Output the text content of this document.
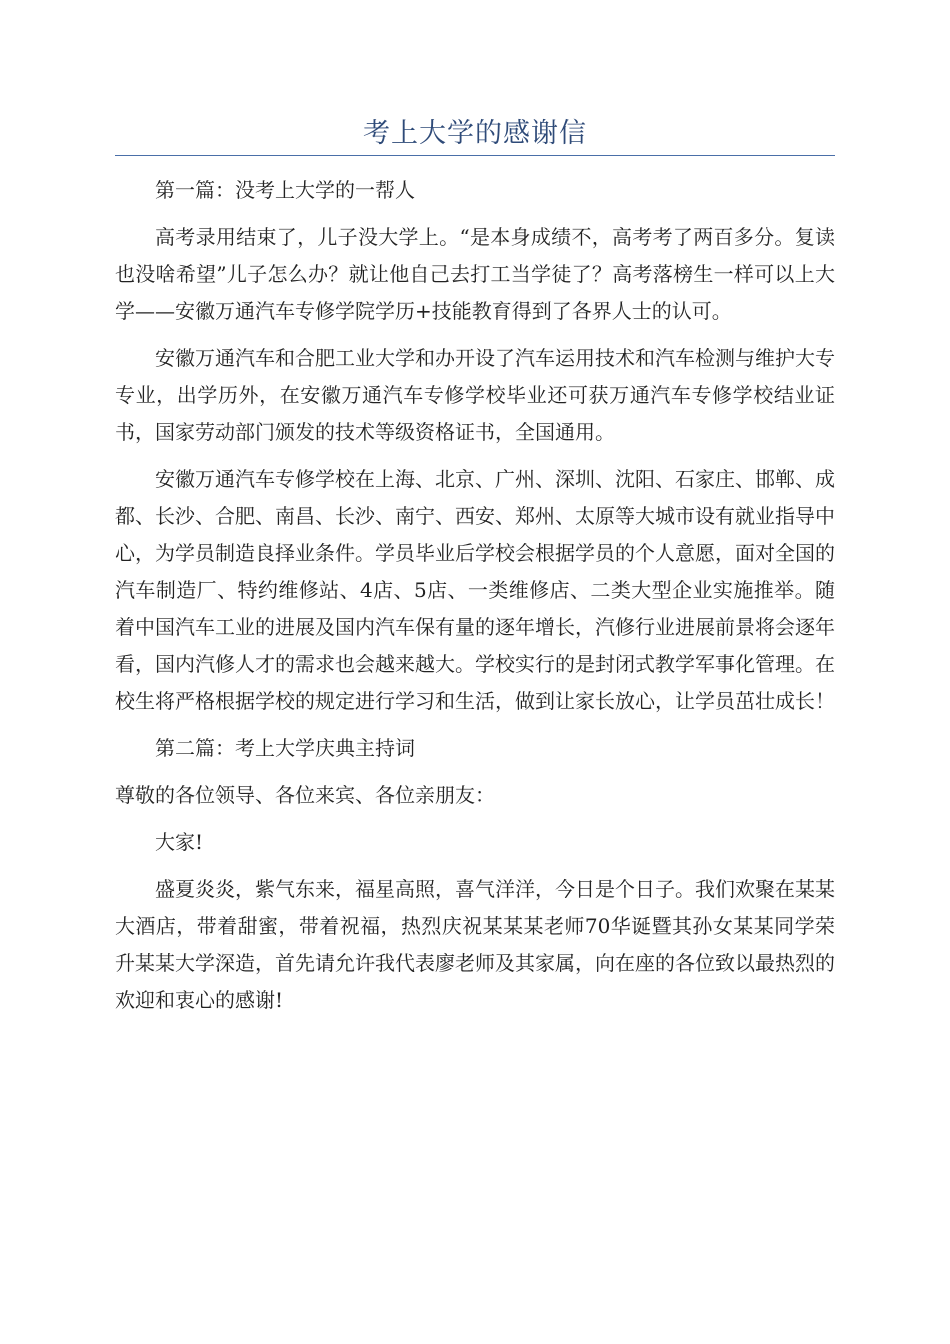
考上大学的感谢信

第一篇：没考上大学的一帮人

高考录用结束了，儿子没大学上。“是本身成绩不，高考考了两百多分。复读也没啥希望”儿子怎么办？就让他自己去打工当学徒了？高考落榜生一样可以上大学——安徽万通汽车专修学院学历+技能教育得到了各界人士的认可。

安徽万通汽车和合肥工业大学和办开设了汽车运用技术和汽车检测与维护大专专业，出学历外，在安徽万通汽车专修学校毕业还可获万通汽车专修学校结业证书，国家劳动部门颁发的技术等级资格证书，全国通用。

安徽万通汽车专修学校在上海、北京、广州、深圳、沈阳、石家庄、邯郸、成都、长沙、合肥、南昌、长沙、南宁、西安、郑州、太原等大城市设有就业指导中心，为学员制造良择业条件。学员毕业后学校会根据学员的个人意愿，面对全国的汽车制造厂、特约维修站、4店、5店、一类维修店、二类大型企业实施推举。随着中国汽车工业的进展及国内汽车保有量的逐年增长，汽修行业进展前景将会逐年看，国内汽修人才的需求也会越来越大。学校实行的是封闭式教学军事化管理。在校生将严格根据学校的规定进行学习和生活，做到让家长放心，让学员茁壮成长！

第二篇：考上大学庆典主持词

尊敬的各位领导、各位来宾、各位亲朋友：

大家!

盛夏炎炎，紫气东来，福星高照，喜气洋洋，今日是个日子。我们欢聚在某某大酒店，带着甜蜜，带着祝福，热烈庆祝某某某老师70华诞暨其孙女某某同学荣升某某大学深造，首先请允许我代表廖老师及其家属，向在座的各位致以最热烈的欢迎和衷心的感谢!
